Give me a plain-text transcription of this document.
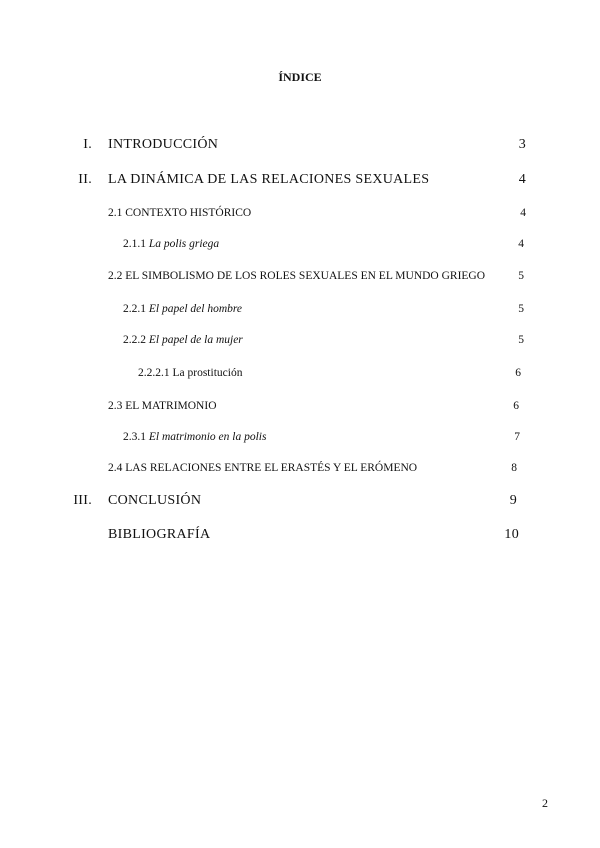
ÍNDICE
I. INTRODUCCIÓN	3
II. LA DINÁMICA DE LAS RELACIONES SEXUALES	4
2.1 CONTEXTO HISTÓRICO	4
2.1.1 La polis griega	4
2.2 EL SIMBOLISMO DE LOS ROLES SEXUALES EN EL MUNDO GRIEGO	5
2.2.1 El papel del hombre	5
2.2.2 El papel de la mujer	5
2.2.2.1 La prostitución	6
2.3 EL MATRIMONIO	6
2.3.1 El matrimonio en la polis	7
2.4 LAS RELACIONES ENTRE EL ERASTÉS Y EL ERÓMENO	8
III. CONCLUSIÓN	9
BIBLIOGRAFÍA	10
2
